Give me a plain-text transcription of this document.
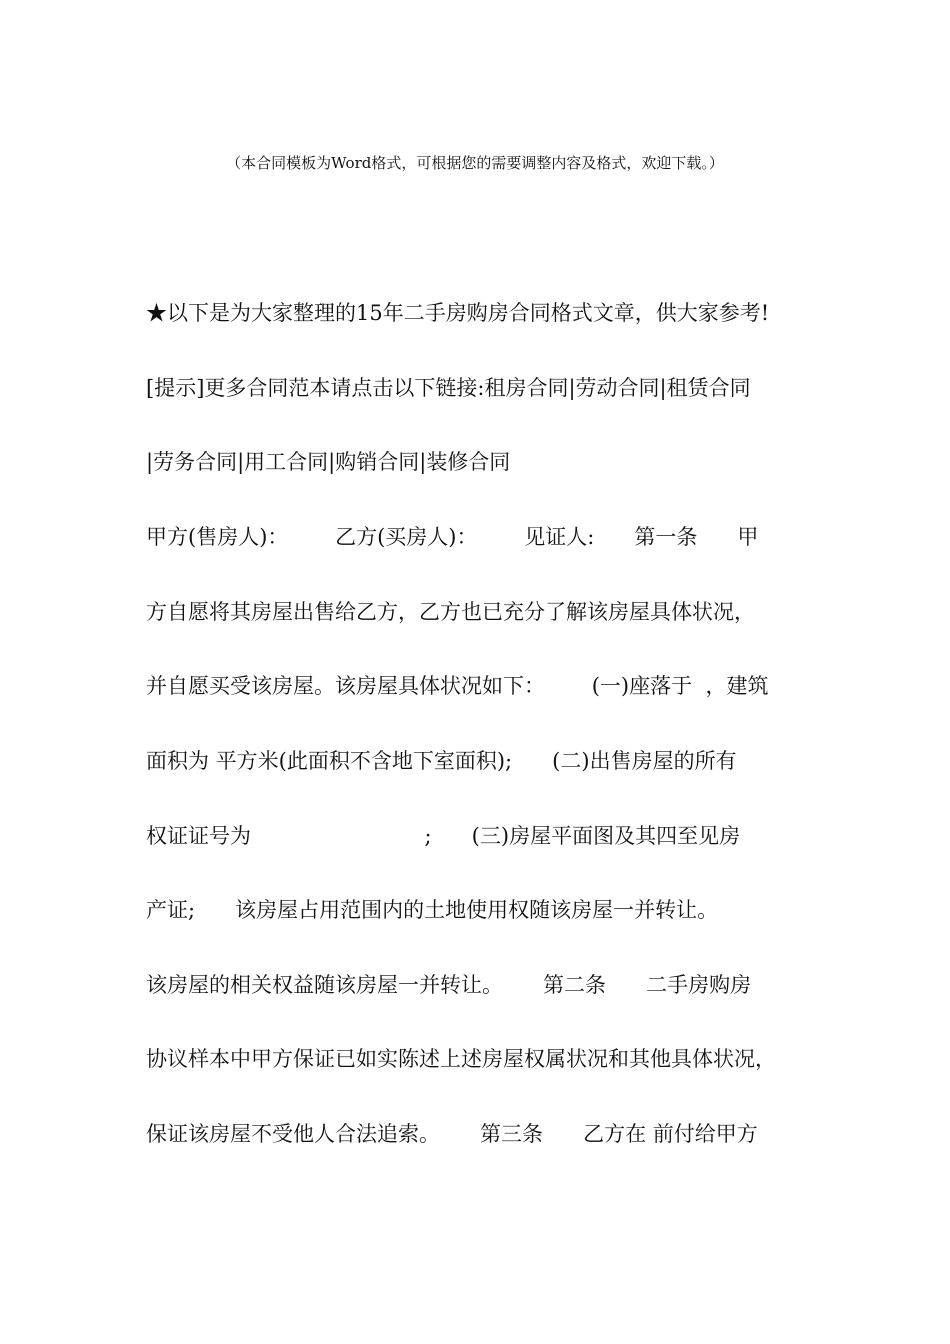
（本合同模板为Word格式，可根据您的需要调整内容及格式，欢迎下载。）
★以下是为大家整理的15年二手房购房合同格式文章，供大家参考!
[提示]更多合同范本请点击以下链接:租房合同|劳动合同|租赁合同
|劳务合同|用工合同|购销合同|装修合同
甲方(售房人)：       乙方(买房人)：       见证人:      第一条      甲
方自愿将其房屋出售给乙方，乙方也已充分了解该房屋具体状况，
并自愿买受该房屋。该房屋具体状况如下：       (一)座落于  ，建筑
面积为 平方米(此面积不含地下室面积);      (二)出售房屋的所有
权证证号为                          ;      (三)房屋平面图及其四至见房
产证;      该房屋占用范围内的土地使用权随该房屋一并转让。
该房屋的相关权益随该房屋一并转让。      第二条      二手房购房
协议样本中甲方保证已如实陈述上述房屋权属状况和其他具体状况，
保证该房屋不受他人合法追索。      第三条      乙方在 前付给甲方
